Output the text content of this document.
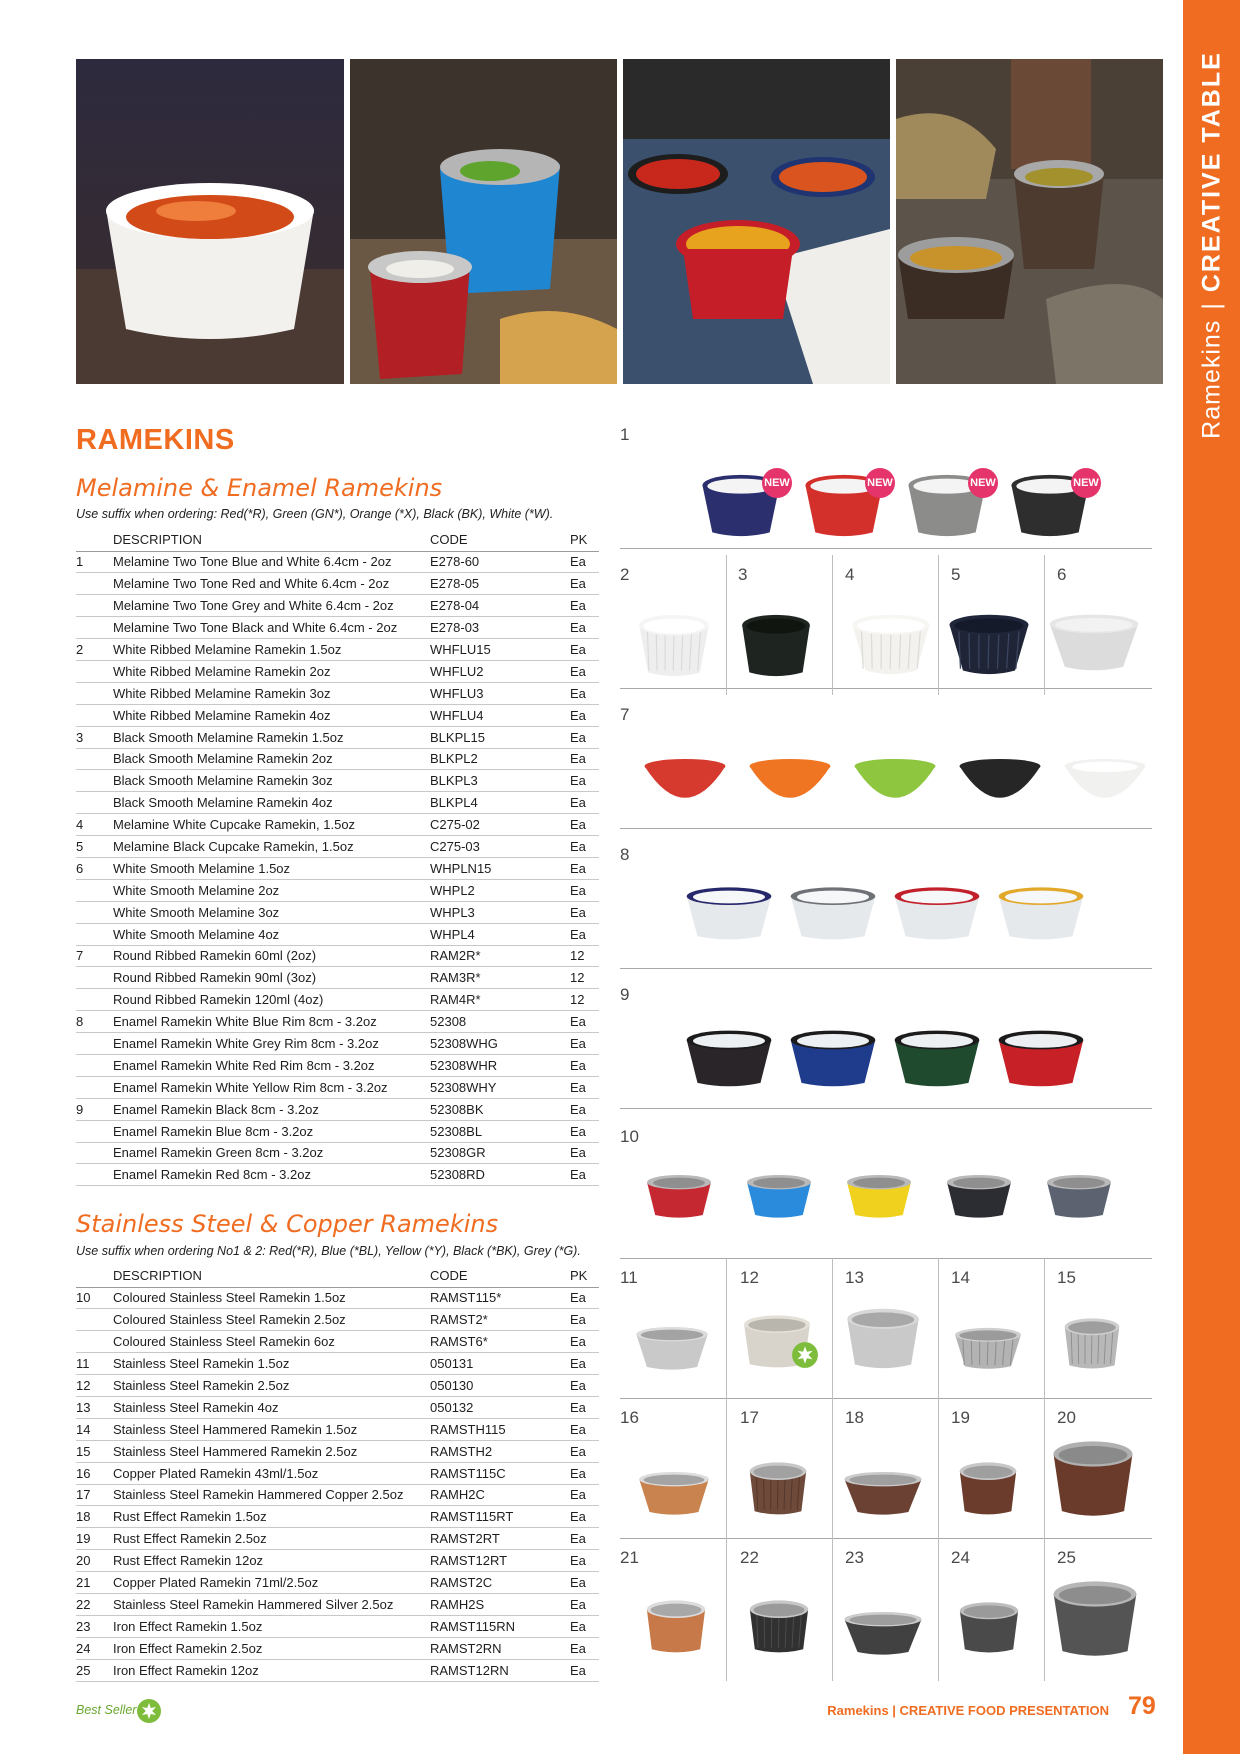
Ramekins|CREATIVE TABLE
RAMEKINS
Melamine & Enamel Ramekins
Use suffix when ordering: Red(*R), Green (GN*), Orange (*X), Black (BK), White (*W).
	DESCRIPTION	CODE	PK
1	Melamine Two Tone Blue and White 6.4cm - 2oz	E278-60	Ea
	Melamine Two Tone Red and White 6.4cm - 2oz	E278-05	Ea
	Melamine Two Tone Grey and White 6.4cm - 2oz	E278-04	Ea
	Melamine Two Tone Black and White 6.4cm - 2oz	E278-03	Ea
2	White Ribbed Melamine Ramekin 1.5oz	WHFLU15	Ea
	White Ribbed Melamine Ramekin 2oz	WHFLU2	Ea
	White Ribbed Melamine Ramekin 3oz	WHFLU3	Ea
	White Ribbed Melamine Ramekin 4oz	WHFLU4	Ea
3	Black Smooth Melamine Ramekin 1.5oz	BLKPL15	Ea
	Black Smooth Melamine Ramekin 2oz	BLKPL2	Ea
	Black Smooth Melamine Ramekin 3oz	BLKPL3	Ea
	Black Smooth Melamine Ramekin 4oz	BLKPL4	Ea
4	Melamine White Cupcake Ramekin, 1.5oz	C275-02	Ea
5	Melamine Black Cupcake Ramekin, 1.5oz	C275-03	Ea
6	White Smooth Melamine 1.5oz	WHPLN15	Ea
	White Smooth Melamine 2oz	WHPL2	Ea
	White Smooth Melamine 3oz	WHPL3	Ea
	White Smooth Melamine 4oz	WHPL4	Ea
7	Round Ribbed Ramekin 60ml (2oz)	RAM2R*	12
	Round Ribbed Ramekin 90ml (3oz)	RAM3R*	12
	Round Ribbed Ramekin 120ml (4oz)	RAM4R*	12
8	Enamel Ramekin White Blue Rim 8cm - 3.2oz	52308	Ea
	Enamel Ramekin White Grey Rim 8cm - 3.2oz	52308WHG	Ea
	Enamel Ramekin White Red Rim 8cm - 3.2oz	52308WHR	Ea
	Enamel Ramekin White Yellow Rim 8cm - 3.2oz	52308WHY	Ea
9	Enamel Ramekin Black 8cm - 3.2oz	52308BK	Ea
	Enamel Ramekin Blue 8cm - 3.2oz	52308BL	Ea
	Enamel Ramekin Green 8cm - 3.2oz	52308GR	Ea
	Enamel Ramekin Red 8cm - 3.2oz	52308RD	Ea
Stainless Steel & Copper Ramekins
Use suffix when ordering No1 & 2: Red(*R), Blue (*BL), Yellow (*Y), Black (*BK), Grey (*G).
	DESCRIPTION	CODE	PK
10	Coloured Stainless Steel Ramekin 1.5oz	RAMST115*	Ea
	Coloured Stainless Steel Ramekin 2.5oz	RAMST2*	Ea
	Coloured Stainless Steel Ramekin 6oz	RAMST6*	Ea
11	Stainless Steel Ramekin 1.5oz	050131	Ea
12	Stainless Steel Ramekin 2.5oz	050130	Ea
13	Stainless Steel Ramekin 4oz	050132	Ea
14	Stainless Steel Hammered Ramekin 1.5oz	RAMSTH115	Ea
15	Stainless Steel Hammered Ramekin 2.5oz	RAMSTH2	Ea
16	Copper Plated Ramekin 43ml/1.5oz	RAMST115C	Ea
17	Stainless Steel Ramekin Hammered Copper 2.5oz	RAMH2C	Ea
18	Rust Effect Ramekin 1.5oz	RAMST115RT	Ea
19	Rust Effect Ramekin 2.5oz	RAMST2RT	Ea
20	Rust Effect Ramekin 12oz	RAMST12RT	Ea
21	Copper Plated Ramekin 71ml/2.5oz	RAMST2C	Ea
22	Stainless Steel Ramekin Hammered Silver 2.5oz	RAMH2S	Ea
23	Iron Effect Ramekin 1.5oz	RAMST115RN	Ea
24	Iron Effect Ramekin 2.5oz	RAMST2RN	Ea
25	Iron Effect Ramekin 12oz	RAMST12RN	Ea
1
2	3	4	5	6
7
8
9
10
11	12	13	14	15
16	17	18	19	20
21	22	23	24	25
NEW	NEW	NEW	NEW
Best Seller	Ramekins | CREATIVE FOOD PRESENTATION 79
